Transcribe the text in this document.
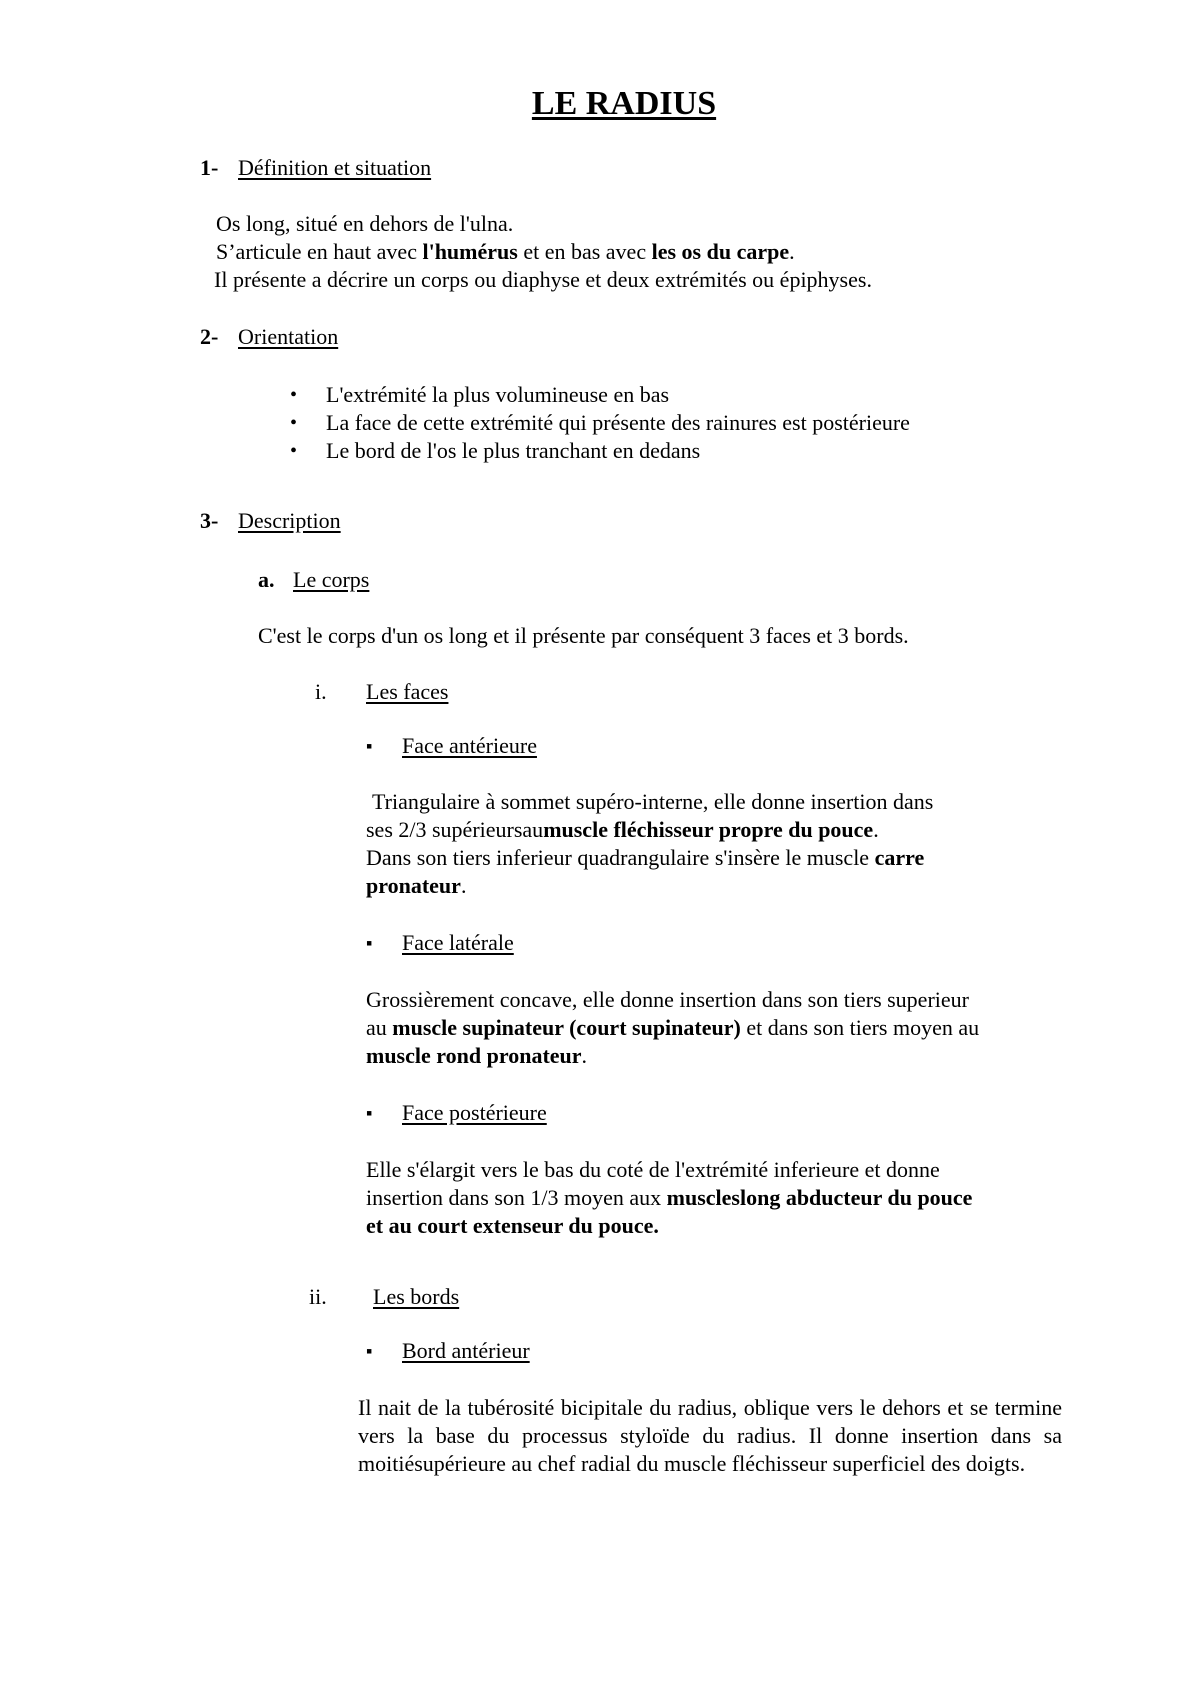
LE RADIUS
1- Définition et situation
Os long, situé en dehors de l'ulna.
S’articule en haut avec l'humérus et en bas avec les os du carpe.
Il présente a décrire un corps ou diaphyse et deux extrémités ou épiphyses.
2- Orientation
• L'extrémité la plus volumineuse en bas
• La face de cette extrémité qui présente des rainures est postérieure
• Le bord de l'os le plus tranchant en dedans
3- Description
a. Le corps
C'est le corps d'un os long et il présente par conséquent 3 faces et 3 bords.
i. Les faces
▪ Face antérieure
Triangulaire à sommet supéro-interne, elle donne insertion dans
ses 2/3 supérieursaumuscle fléchisseur propre du pouce.
Dans son tiers inferieur quadrangulaire s'insère le muscle carre
pronateur.
▪ Face latérale
Grossièrement concave, elle donne insertion dans son tiers superieur
au muscle supinateur (court supinateur) et dans son tiers moyen au
muscle rond pronateur.
▪ Face postérieure
Elle s'élargit vers le bas du coté de l'extrémité inferieure et donne
insertion dans son 1/3 moyen aux muscleslong abducteur du pouce
et au court extenseur du pouce.
ii. Les bords
▪ Bord antérieur
Il nait de la tubérosité bicipitale du radius, oblique vers le dehors et se termine vers la base du processus styloïde du radius. Il donne insertion dans sa moitiésupérieure au chef radial du muscle fléchisseur superficiel des doigts.
